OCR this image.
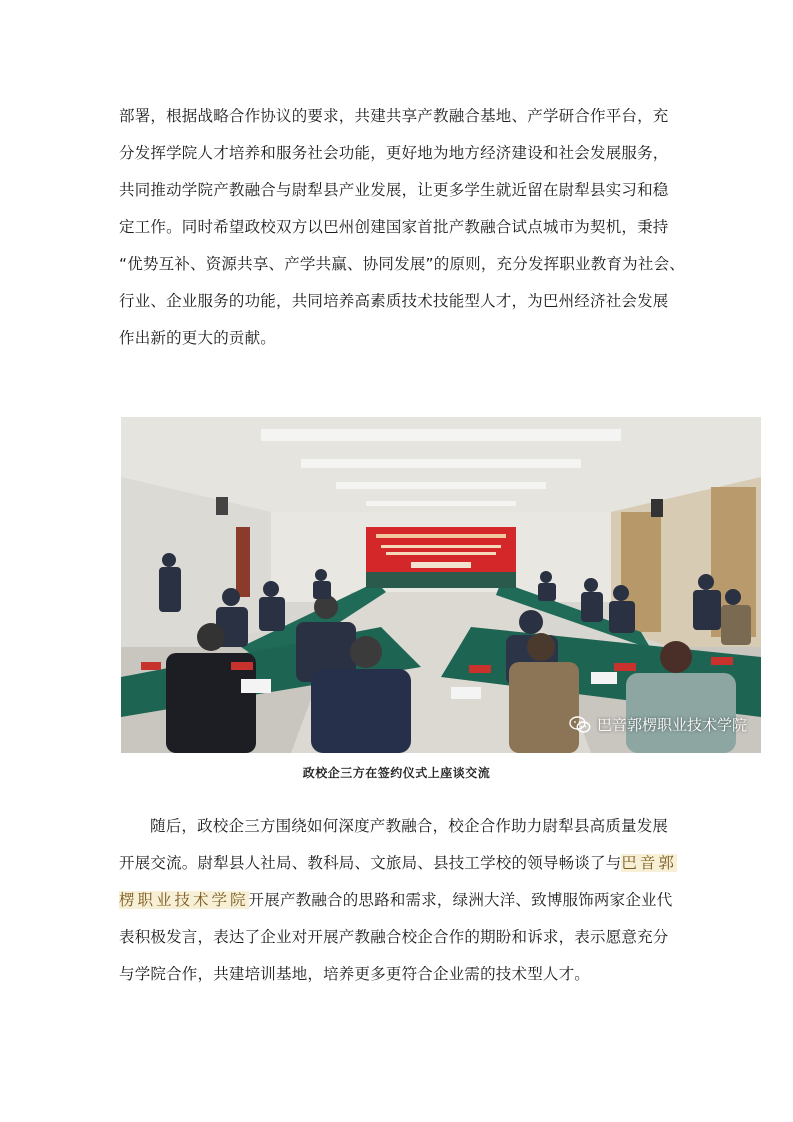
部署，根据战略合作协议的要求，共建共享产教融合基地、产学研合作平台，充
分发挥学院人才培养和服务社会功能，更好地为地方经济建设和社会发展服务，
共同推动学院产教融合与尉犁县产业发展，让更多学生就近留在尉犁县实习和稳
定工作。同时希望政校双方以巴州创建国家首批产教融合试点城市为契机，秉持
“优势互补、资源共享、产学共赢、协同发展”的原则，充分发挥职业教育为社会、
行业、企业服务的功能，共同培养高素质技术技能型人才，为巴州经济社会发展
作出新的更大的贡献。
巴音郭楞职业技术学院
政校企三方在签约仪式上座谈交流
随后，政校企三方围绕如何深度产教融合，校企合作助力尉犁县高质量发展
开展交流。尉犁县人社局、教科局、文旅局、县技工学校的领导畅谈了与巴音郭
楞职业技术学院开展产教融合的思路和需求，绿洲大洋、致博服饰两家企业代
表积极发言，表达了企业对开展产教融合校企合作的期盼和诉求，表示愿意充分
与学院合作，共建培训基地，培养更多更符合企业需的技术型人才。
